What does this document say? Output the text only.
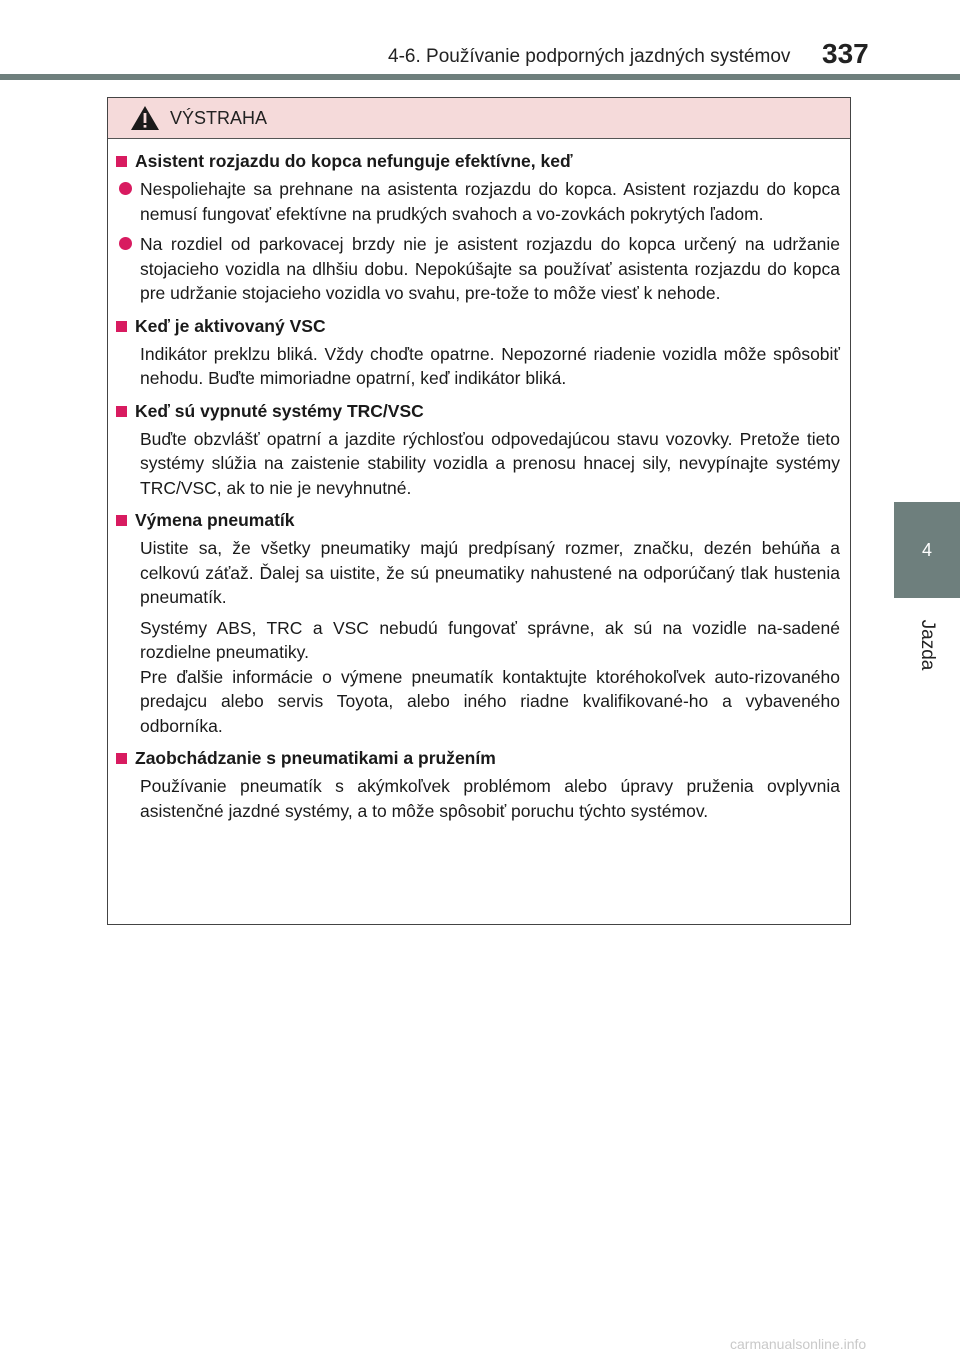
4-6. Používanie podporných jazdných systémov 337
4
Jazda
VÝSTRAHA
Asistent rozjazdu do kopca nefunguje efektívne, keď
Nespoliehajte sa prehnane na asistenta rozjazdu do kopca. Asistent rozjazdu do kopca nemusí fungovať efektívne na prudkých svahoch a vo-zovkách pokrytých ľadom.
Na rozdiel od parkovacej brzdy nie je asistent rozjazdu do kopca určený na udržanie stojacieho vozidla na dlhšiu dobu. Nepokúšajte sa používať asistenta rozjazdu do kopca pre udržanie stojacieho vozidla vo svahu, pre-tože to môže viesť k nehode.
Keď je aktivovaný VSC
Indikátor preklzu bliká. Vždy choďte opatrne. Nepozorné riadenie vozidla môže spôsobiť nehodu. Buďte mimoriadne opatrní, keď indikátor bliká.
Keď sú vypnuté systémy TRC/VSC
Buďte obzvlášť opatrní a jazdite rýchlosťou odpovedajúcou stavu vozovky. Pretože tieto systémy slúžia na zaistenie stability vozidla a prenosu hnacej sily, nevypínajte systémy TRC/VSC, ak to nie je nevyhnutné.
Výmena pneumatík
Uistite sa, že všetky pneumatiky majú predpísaný rozmer, značku, dezén behúňa a celkovú záťaž. Ďalej sa uistite, že sú pneumatiky nahustené na odporúčaný tlak hustenia pneumatík.
Systémy ABS, TRC a VSC nebudú fungovať správne, ak sú na vozidle na-sadené rozdielne pneumatiky.
Pre ďalšie informácie o výmene pneumatík kontaktujte ktoréhokoľvek auto-rizovaného predajcu alebo servis Toyota, alebo iného riadne kvalifikované-ho a vybaveného odborníka.
Zaobchádzanie s pneumatikami a pružením
Používanie pneumatík s akýmkoľvek problémom alebo úpravy pruženia ovplyvnia asistenčné jazdné systémy, a to môže spôsobiť poruchu týchto systémov.
carmanualsonline.info
